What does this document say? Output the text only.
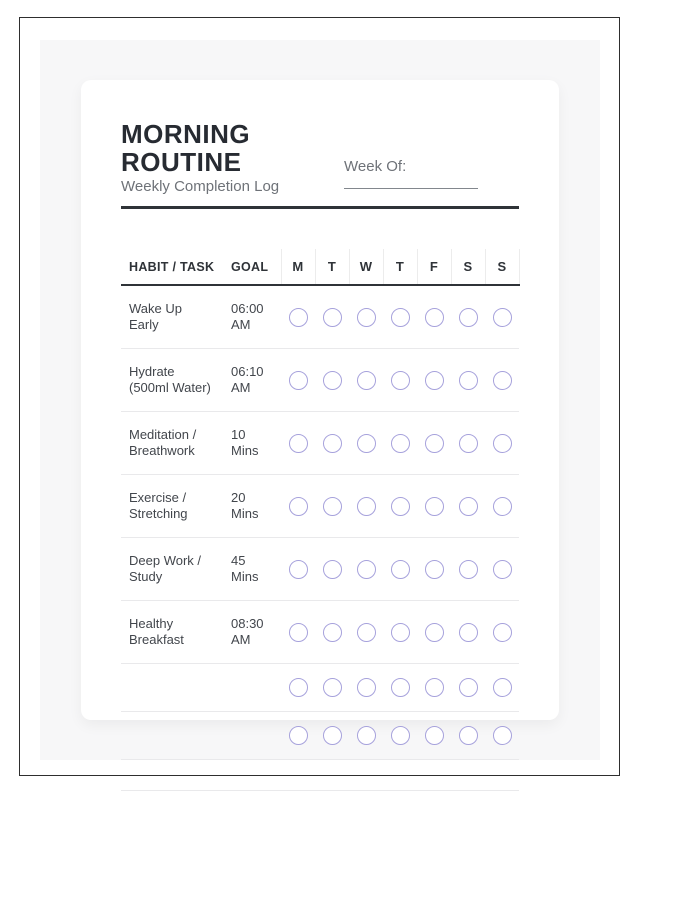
MORNING ROUTINE

Weekly Completion Log

Week Of:
HABIT / TASK	GOAL	M	T	W	T	F	S	S
Wake Up Early	06:00 AM							
Hydrate (500ml Water)	06:10 AM							
Meditation / Breathwork	10 Mins							
Exercise / Stretching	20 Mins							
Deep Work / Study	45 Mins							
Healthy Breakfast	08:30 AM							
